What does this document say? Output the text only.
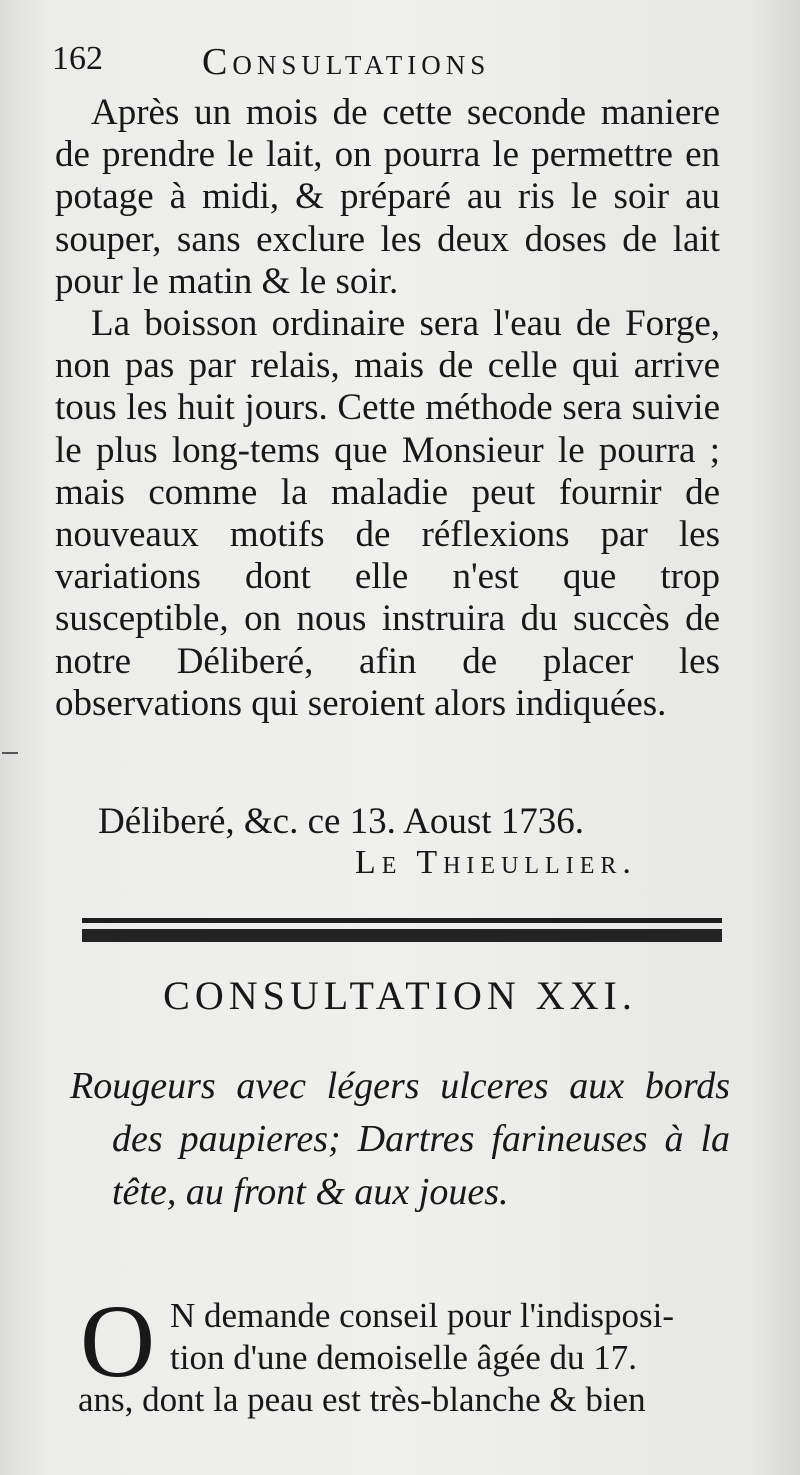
162	Consultations

Après un mois de cette seconde maniere de prendre le lait, on pourra le permettre en potage à midi, & préparé au ris le soir au souper, sans exclure les deux doses de lait pour le matin & le soir.

La boisson ordinaire sera l'eau de Forge, non pas par relais, mais de celle qui arrive tous les huit jours. Cette méthode sera suivie le plus long-tems que Monsieur le pourra ; mais comme la maladie peut fournir de nouveaux motifs de réflexions par les variations dont elle n'est que trop susceptible, on nous instruira du succès de notre Déliberé, afin de placer les observations qui seroient alors indiquées.

Déliberé, &c. ce 13. Aoust 1736.
Le Thieullier.
CONSULTATION XXI.
Rougeurs avec légers ulceres aux bords des paupieres; Dartres farineuses à la tête, au front & aux joues.
O N demande conseil pour l'indisposi-
tion d'une demoiselle âgée du 17.
ans, dont la peau est très-blanche & bien
